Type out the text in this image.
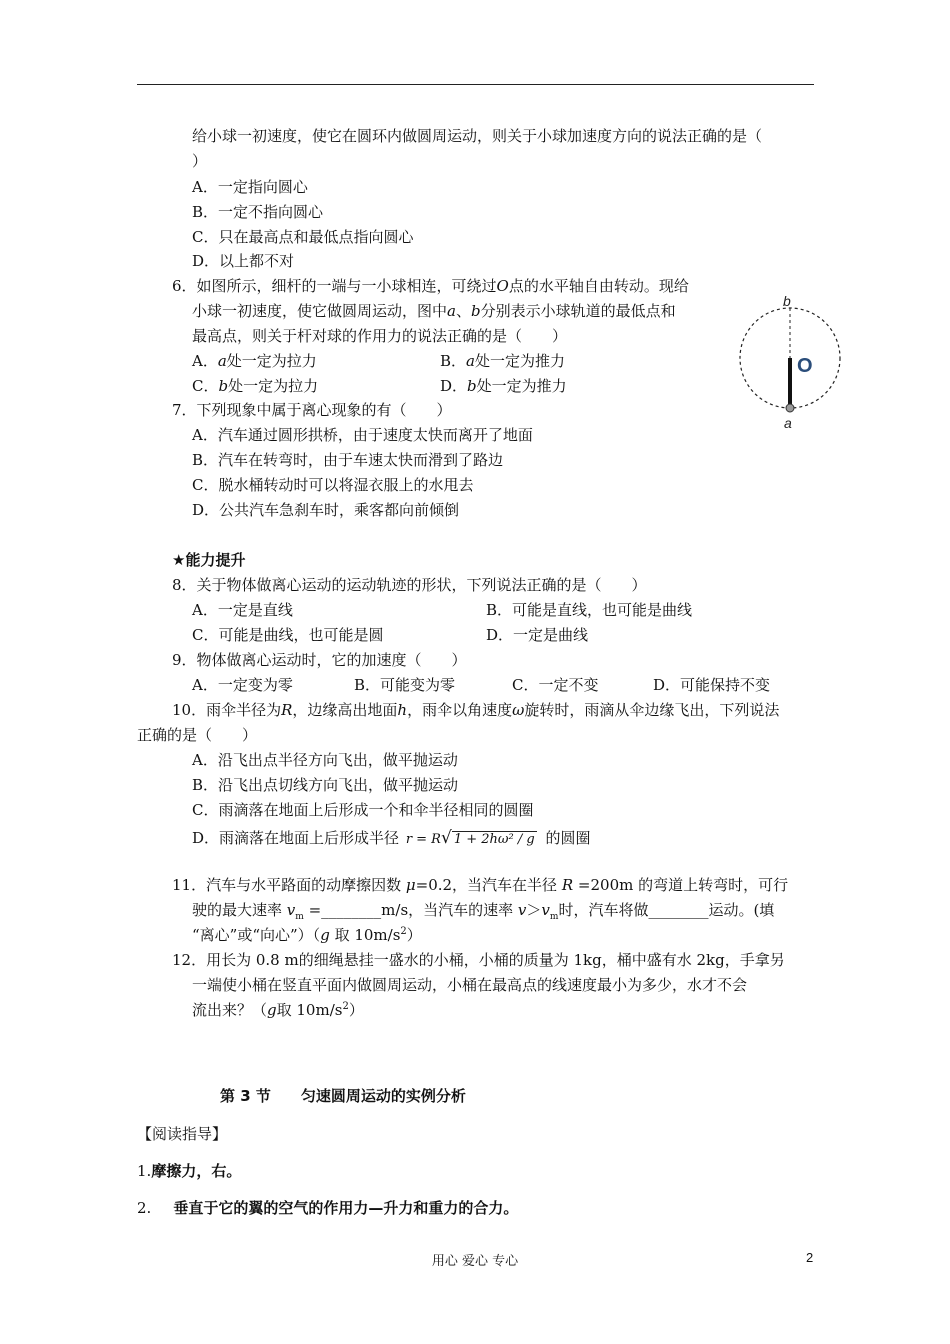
给小球一初速度，使它在圆环内做圆周运动，则关于小球加速度方向的说法正确的是（
）
A．一定指向圆心
B．一定不指向圆心
C．只在最高点和最低点指向圆心
D．以上都不对
6．如图所示，细杆的一端与一小球相连，可绕过O点的水平轴自由转动。现给
小球一初速度，使它做圆周运动，图中a、b分别表示小球轨道的最低点和
最高点，则关于杆对球的作用力的说法正确的是（　　）
A．a处一定为拉力	B．a处一定为推力
C．b处一定为拉力	D．b处一定为推力
b
O
a
7．下列现象中属于离心现象的有（　　）
A．汽车通过圆形拱桥，由于速度太快而离开了地面
B．汽车在转弯时，由于车速太快而滑到了路边
C．脱水桶转动时可以将湿衣服上的水甩去
D．公共汽车急刹车时，乘客都向前倾倒
★能力提升
8．关于物体做离心运动的运动轨迹的形状，下列说法正确的是（　　）
A．一定是直线	B．可能是直线，也可能是曲线
C．可能是曲线，也可能是圆	D．一定是曲线
9．物体做离心运动时，它的加速度（　　）
A．一定变为零	B．可能变为零	C．一定不变	D．可能保持不变
10．雨伞半径为R，边缘高出地面h，雨伞以角速度ω旋转时，雨滴从伞边缘飞出，下列说法
正确的是（　　）
A．沿飞出点半径方向飞出，做平抛运动
B．沿飞出点切线方向飞出，做平抛运动
C．雨滴落在地面上后形成一个和伞半径相同的圆圈
D．雨滴落在地面上后形成半径 r = R√ 1 + 2hω² / g 的圆圈
11．汽车与水平路面的动摩擦因数 μ=0.2，当汽车在半径 R =200m 的弯道上转弯时，可行
驶的最大速率 $v_m$ =________m/s，当汽车的速率 $v>v_m$时，汽车将做________运动。(填
“离心”或“向心”）（g 取 $10m/s^2$）
12．用长为 0.8 m的细绳悬挂一盛水的小桶，小桶的质量为 1kg，桶中盛有水 2kg，手拿另
一端使小桶在竖直平面内做圆周运动，小桶在最高点的线速度最小为多少，水才不会
流出来？（g取 $10m/s^2$）
第 3 节　　匀速圆周运动的实例分析
【阅读指导】
1.摩擦力，右。
2. 垂直于它的翼的空气的作用力—升力和重力的合力。
用心 爱心 专心	2
